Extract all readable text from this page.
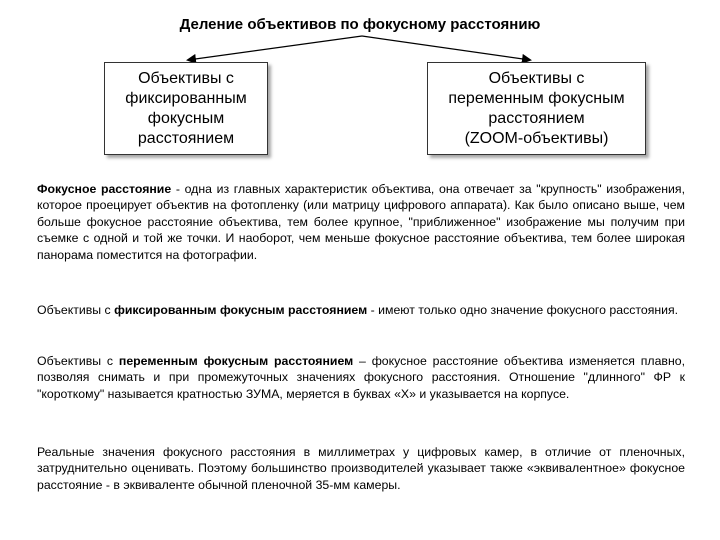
Деление объективов по фокусному расстоянию
Объективы с
фиксированным
фокусным
расстоянием
Объективы с
переменным фокусным
расстоянием
(ZOOM-объективы)
Фокусное расстояние - одна из главных характеристик объектива, она отвечает за "крупность" изображения, которое проецирует объектив на фотопленку (или матрицу цифрового аппарата). Как было описано выше, чем больше фокусное расстояние объектива, тем более крупное, "приближенное" изображение мы получим при съемке с одной и той же точки. И наоборот, чем меньше фокусное расстояние объектива, тем более широкая панорама поместится на фотографии.
Объективы с фиксированным фокусным расстоянием - имеют только одно значение фокусного расстояния.
Объективы с переменным фокусным расстоянием – фокусное расстояние объектива изменяется плавно, позволяя снимать и при промежуточных значениях фокусного расстояния. Отношение "длинного" ФР к "короткому" называется кратностью ЗУМА, меряется в буквах «Х» и указывается на корпусе.
Реальные значения фокусного расстояния в миллиметрах у цифровых камер, в отличие от пленочных, затруднительно оценивать. Поэтому большинство производителей указывает также «эквивалентное» фокусное расстояние - в эквиваленте обычной пленочной 35-мм камеры.
